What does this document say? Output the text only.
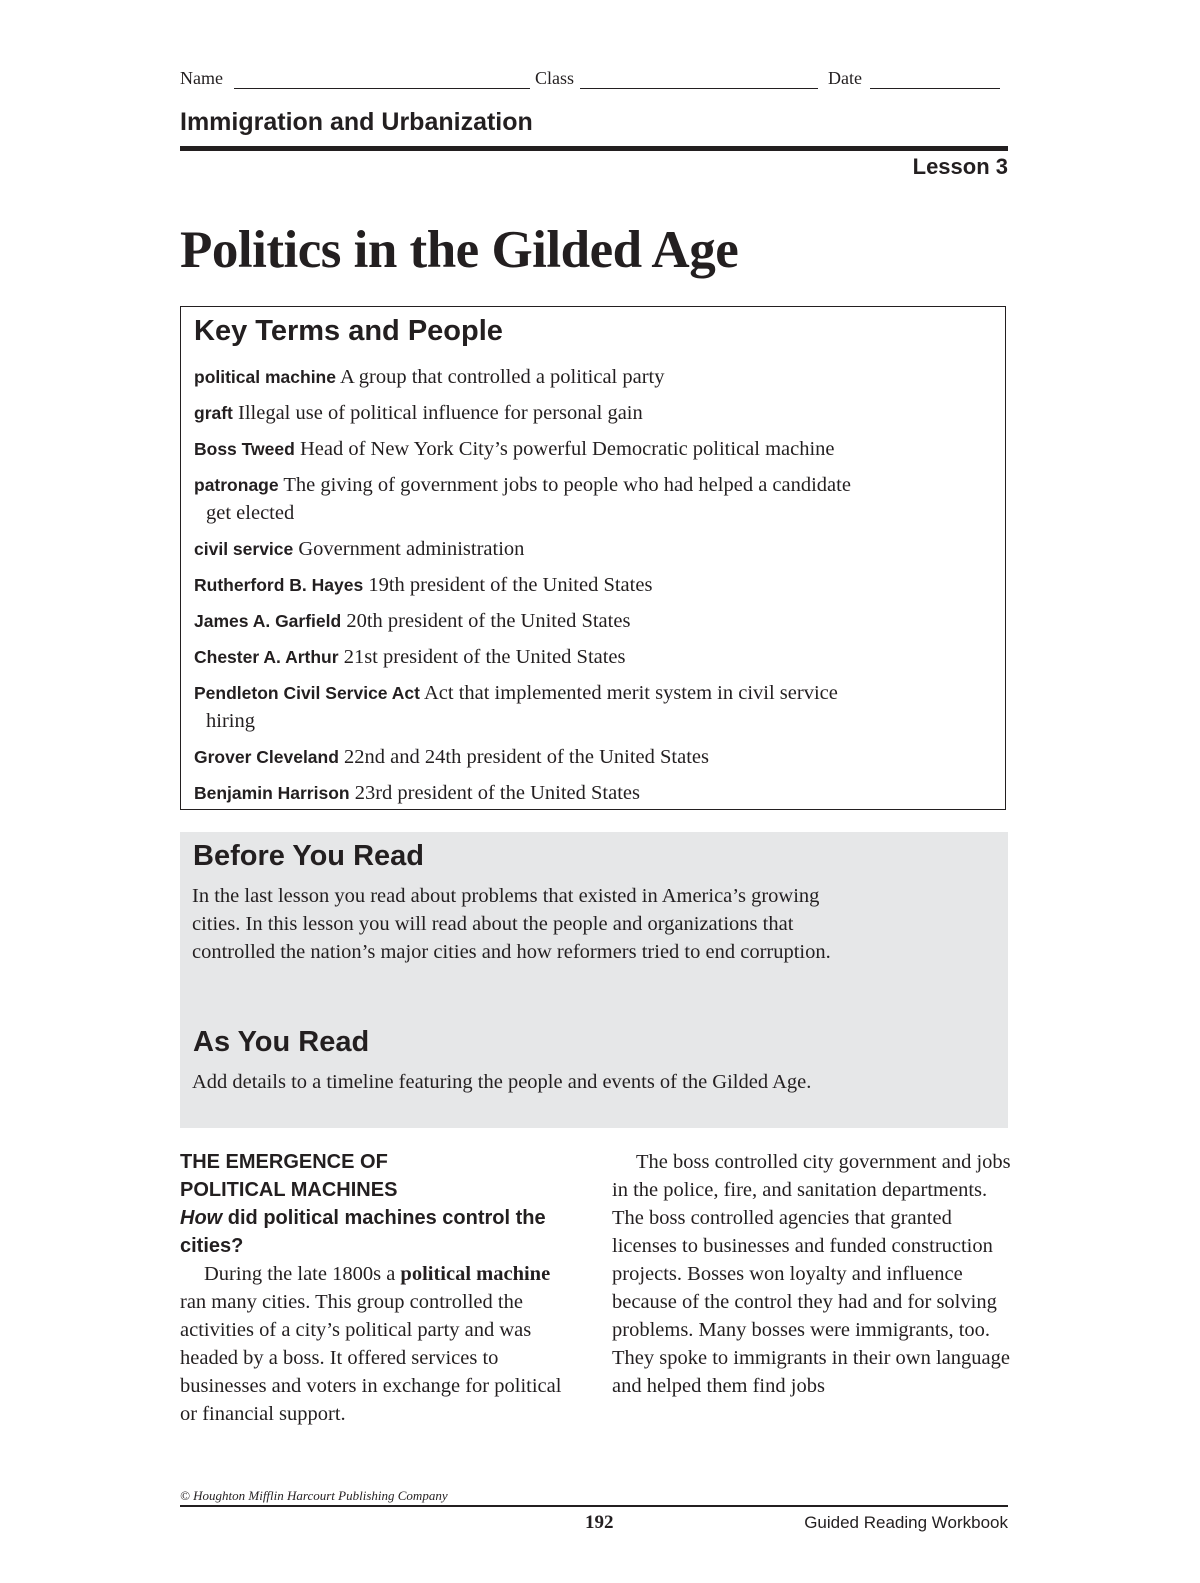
Name	Class	Date
Immigration and Urbanization
Lesson 3
Politics in the Gilded Age
Key Terms and People
political machine A group that controlled a political party
graft Illegal use of political influence for personal gain
Boss Tweed Head of New York City’s powerful Democratic political machine
patronage The giving of government jobs to people who had helped a candidate
get elected
civil service Government administration
Rutherford B. Hayes 19th president of the United States
James A. Garfield 20th president of the United States
Chester A. Arthur 21st president of the United States
Pendleton Civil Service Act Act that implemented merit system in civil service
hiring
Grover Cleveland 22nd and 24th president of the United States
Benjamin Harrison 23rd president of the United States
Before You Read
In the last lesson you read about problems that existed in America’s growing cities. In this lesson you will read about the people and organizations that controlled the nation’s major cities and how reformers tried to end corruption.
As You Read
Add details to a timeline featuring the people and events of the Gilded Age.
THE EMERGENCE OF
POLITICAL MACHINES
How did political machines control the cities?

During the late 1800s a political machine ran many cities. This group controlled the activities of a city’s political party and was headed by a boss. It offered services to businesses and voters in exchange for political or financial support.

The boss controlled city government and jobs in the police, fire, and sanitation departments. The boss controlled agencies that granted licenses to businesses and funded construction projects. Bosses won loyalty and influence because of the control they had and for solving problems. Many bosses were immigrants, too. They spoke to immigrants in their own language and helped them find jobs

© Houghton Mifflin Harcourt Publishing Company
192	Guided Reading Workbook
